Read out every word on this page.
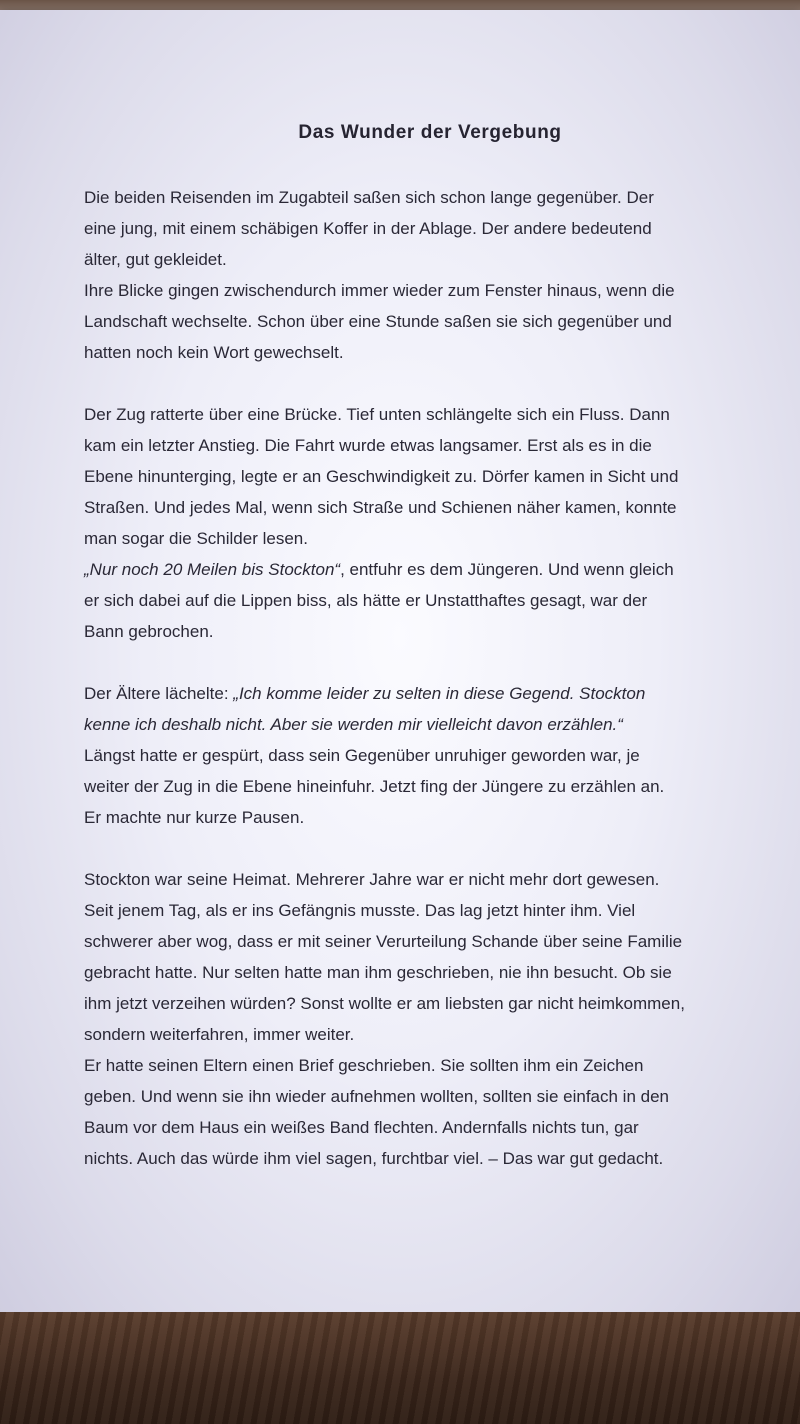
Das Wunder der Vergebung
Die beiden Reisenden im Zugabteil saßen sich schon lange gegenüber. Der
eine jung, mit einem schäbigen Koffer in der Ablage. Der andere bedeutend
älter, gut gekleidet.
Ihre Blicke gingen zwischendurch immer wieder zum Fenster hinaus, wenn die
Landschaft wechselte. Schon über eine Stunde saßen sie sich gegenüber und
hatten noch kein Wort gewechselt.
Der Zug ratterte über eine Brücke. Tief unten schlängelte sich ein Fluss. Dann
kam ein letzter Anstieg. Die Fahrt wurde etwas langsamer. Erst als es in die
Ebene hinunterging, legte er an Geschwindigkeit zu. Dörfer kamen in Sicht und
Straßen. Und jedes Mal, wenn sich Straße und Schienen näher kamen, konnte
man sogar die Schilder lesen.
„Nur noch 20 Meilen bis Stockton“, entfuhr es dem Jüngeren. Und wenn gleich
er sich dabei auf die Lippen biss, als hätte er Unstatthaftes gesagt, war der
Bann gebrochen.
Der Ältere lächelte: „Ich komme leider zu selten in diese Gegend. Stockton
kenne ich deshalb nicht. Aber sie werden mir vielleicht davon erzählen.“
Längst hatte er gespürt, dass sein Gegenüber unruhiger geworden war, je
weiter der Zug in die Ebene hineinfuhr. Jetzt fing der Jüngere zu erzählen an.
Er machte nur kurze Pausen.
Stockton war seine Heimat. Mehrerer Jahre war er nicht mehr dort gewesen.
Seit jenem Tag, als er ins Gefängnis musste. Das lag jetzt hinter ihm. Viel
schwerer aber wog, dass er mit seiner Verurteilung Schande über seine Familie
gebracht hatte. Nur selten hatte man ihm geschrieben, nie ihn besucht. Ob sie
ihm jetzt verzeihen würden? Sonst wollte er am liebsten gar nicht heimkommen,
sondern weiterfahren, immer weiter.
Er hatte seinen Eltern einen Brief geschrieben. Sie sollten ihm ein Zeichen
geben. Und wenn sie ihn wieder aufnehmen wollten, sollten sie einfach in den
Baum vor dem Haus ein weißes Band flechten. Andernfalls nichts tun, gar
nichts. Auch das würde ihm viel sagen, furchtbar viel. – Das war gut gedacht.
